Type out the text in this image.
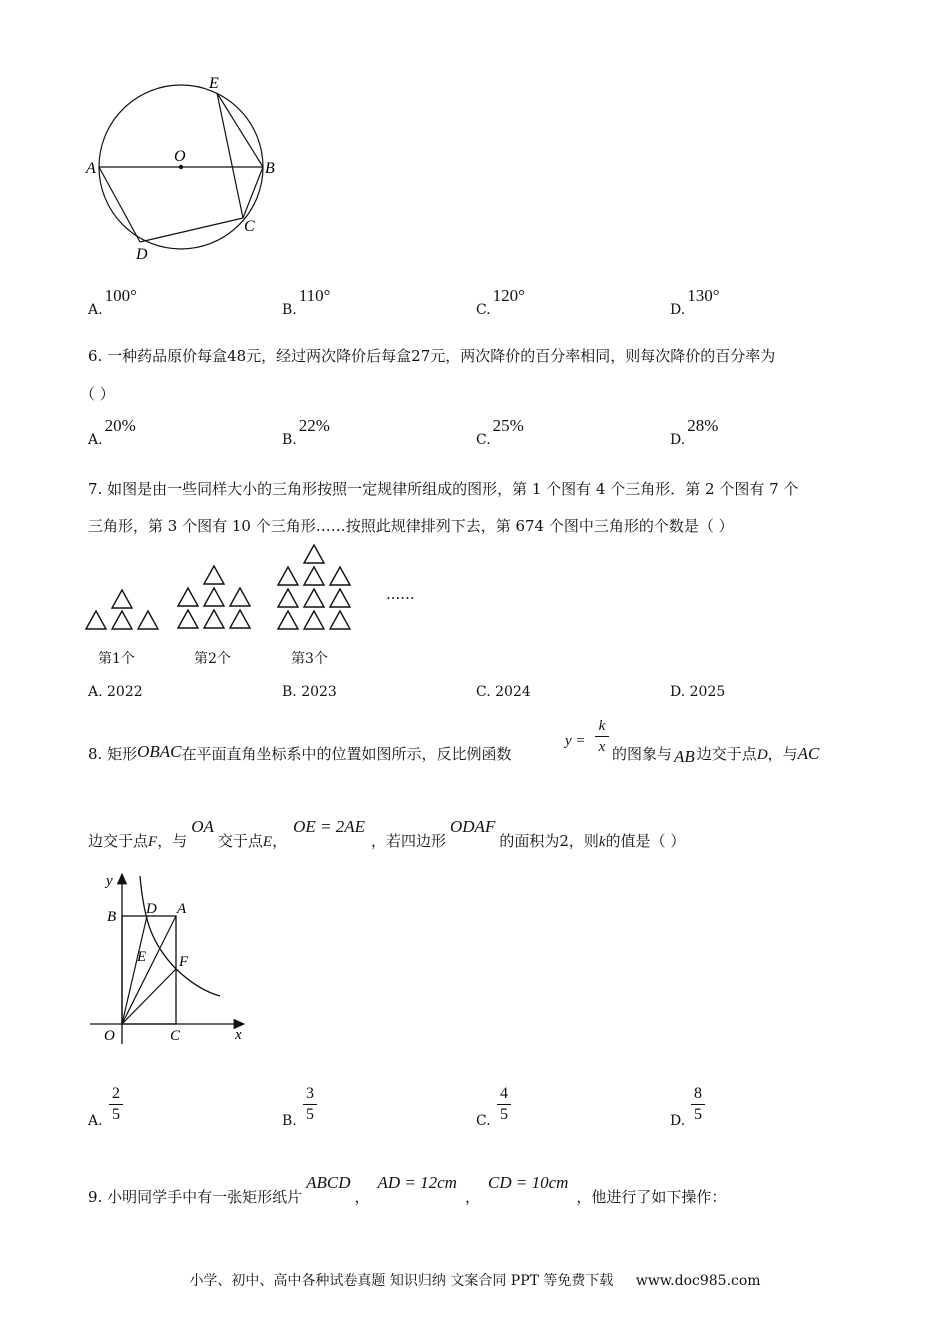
E
O
A	B
C
D
A.100°
B.110°
C.120°
D.130°
6. 一种药品原价每盒48元，经过两次降价后每盒27元，两次降价的百分率相同，则每次降价的百分率为
（ ）
A.20%
B.22%
C.25%
D.28%
7. 如图是由一些同样大小的三角形按照一定规律所组成的图形，第 1 个图有 4 个三角形．第 2 个图有 7 个
三角形，第 3 个图有 10 个三角形……按照此规律排列下去，第 674 个图中三角形的个数是（ ）
......
第1个	第2个	第3个
A. 2022	B. 2023	C. 2024	D. 2025
8. 矩形OBAC在平面直角坐标系中的位置如图所示，反比例函数
y =
k
x 的图象与 AB 边交于点D，与AC
边交于点F，与OA交于点E，OE = 2AE，若四边形ODAF的面积为2，则k的值是（ ）
y
x
O
B D A
E F
C
A.
2
5	B.
3
5	C.
4
5	D.
8
5
9. 小明同学手中有一张矩形纸片ABCD，AD = 12cm，CD = 10cm，他进行了如下操作：
小学、初中、高中各种试卷真题 知识归纳 文案合同 PPT 等免费下载 www.doc985.com
